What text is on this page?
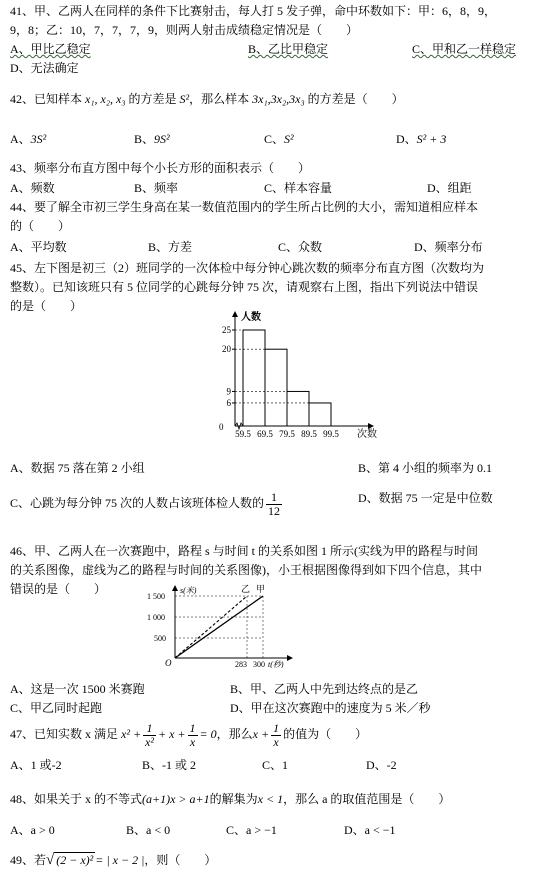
41、甲、乙两人在同样的条件下比赛射击，每人打 5 发子弹，命中环数如下：甲：6，8，9，
9，8；乙：10，7，7，7，9，则两人射击成绩稳定情况是（　　）
A、甲比乙稳定	B、乙比甲稳定	C、甲和乙一样稳定
D、无法确定
42、已知样本 x₁, x₂, x₃ 的方差是 S²，那么样本 3x₁,3x₂,3x₃ 的方差是（　　）
A、3S²	B、9S²	C、S²	D、S² + 3
43、频率分布直方图中每个小长方形的面积表示（　　）
A、频数	B、频率	C、样本容量	D、组距
44、要了解全市初三学生身高在某一数值范围内的学生所占比例的大小，需知道相应样本
的（　　）
A、平均数	B、方差	C、众数	D、频率分布
45、左下图是初三（2）班同学的一次体检中每分钟心跳次数的频率分布直方图（次数均为
整数）。已知该班只有 5 位同学的心跳每分钟 75 次，请观察右上图，指出下列说法中错误
的是（　　）
6
9
20
25
59.5 69.5 79.5 89.5 99.5
人数
次数
0
A、数据 75 落在第 2 小组	B、第 4 小组的频率为 0.1
C、心跳为每分钟 75 次的人数占该班体检人数的 $\frac{1}{12}$	D、数据 75 一定是中位数
46、甲、乙两人在一次赛跑中，路程 s 与时间 t 的关系如图 1 所示(实线为甲的路程与时间
的关系图像，虚线为乙的路程与时间的关系图像)，小王根据图像得到如下四个信息，其中
错误的是（　　）	s(米)
1 500
1 000
500
O	283 300 t(秒)
乙 甲
A、这是一次 1500 米赛跑	B、甲、乙两人中先到达终点的是乙
C、甲乙同时起跑	D、甲在这次赛跑中的速度为 5 米／秒
47、已知实数 x 满足 $x^2 + \frac{1}{\text{x²}} + x + \frac{1}{x} = 0$，那么$x + \frac{1}{x}$ 的值为（　　）
A、1 或-2	B、-1 或 2	C、1	D、-2
48、如果关于 x 的不等式(a+1)x > a+1的解集为x < 1，那么 a 的取值范围是（　　）
A、a > 0	B、a < 0	C、a > −1	D、a < −1
49、若√ (2 − x)² = | x − 2 |，则（　　）
